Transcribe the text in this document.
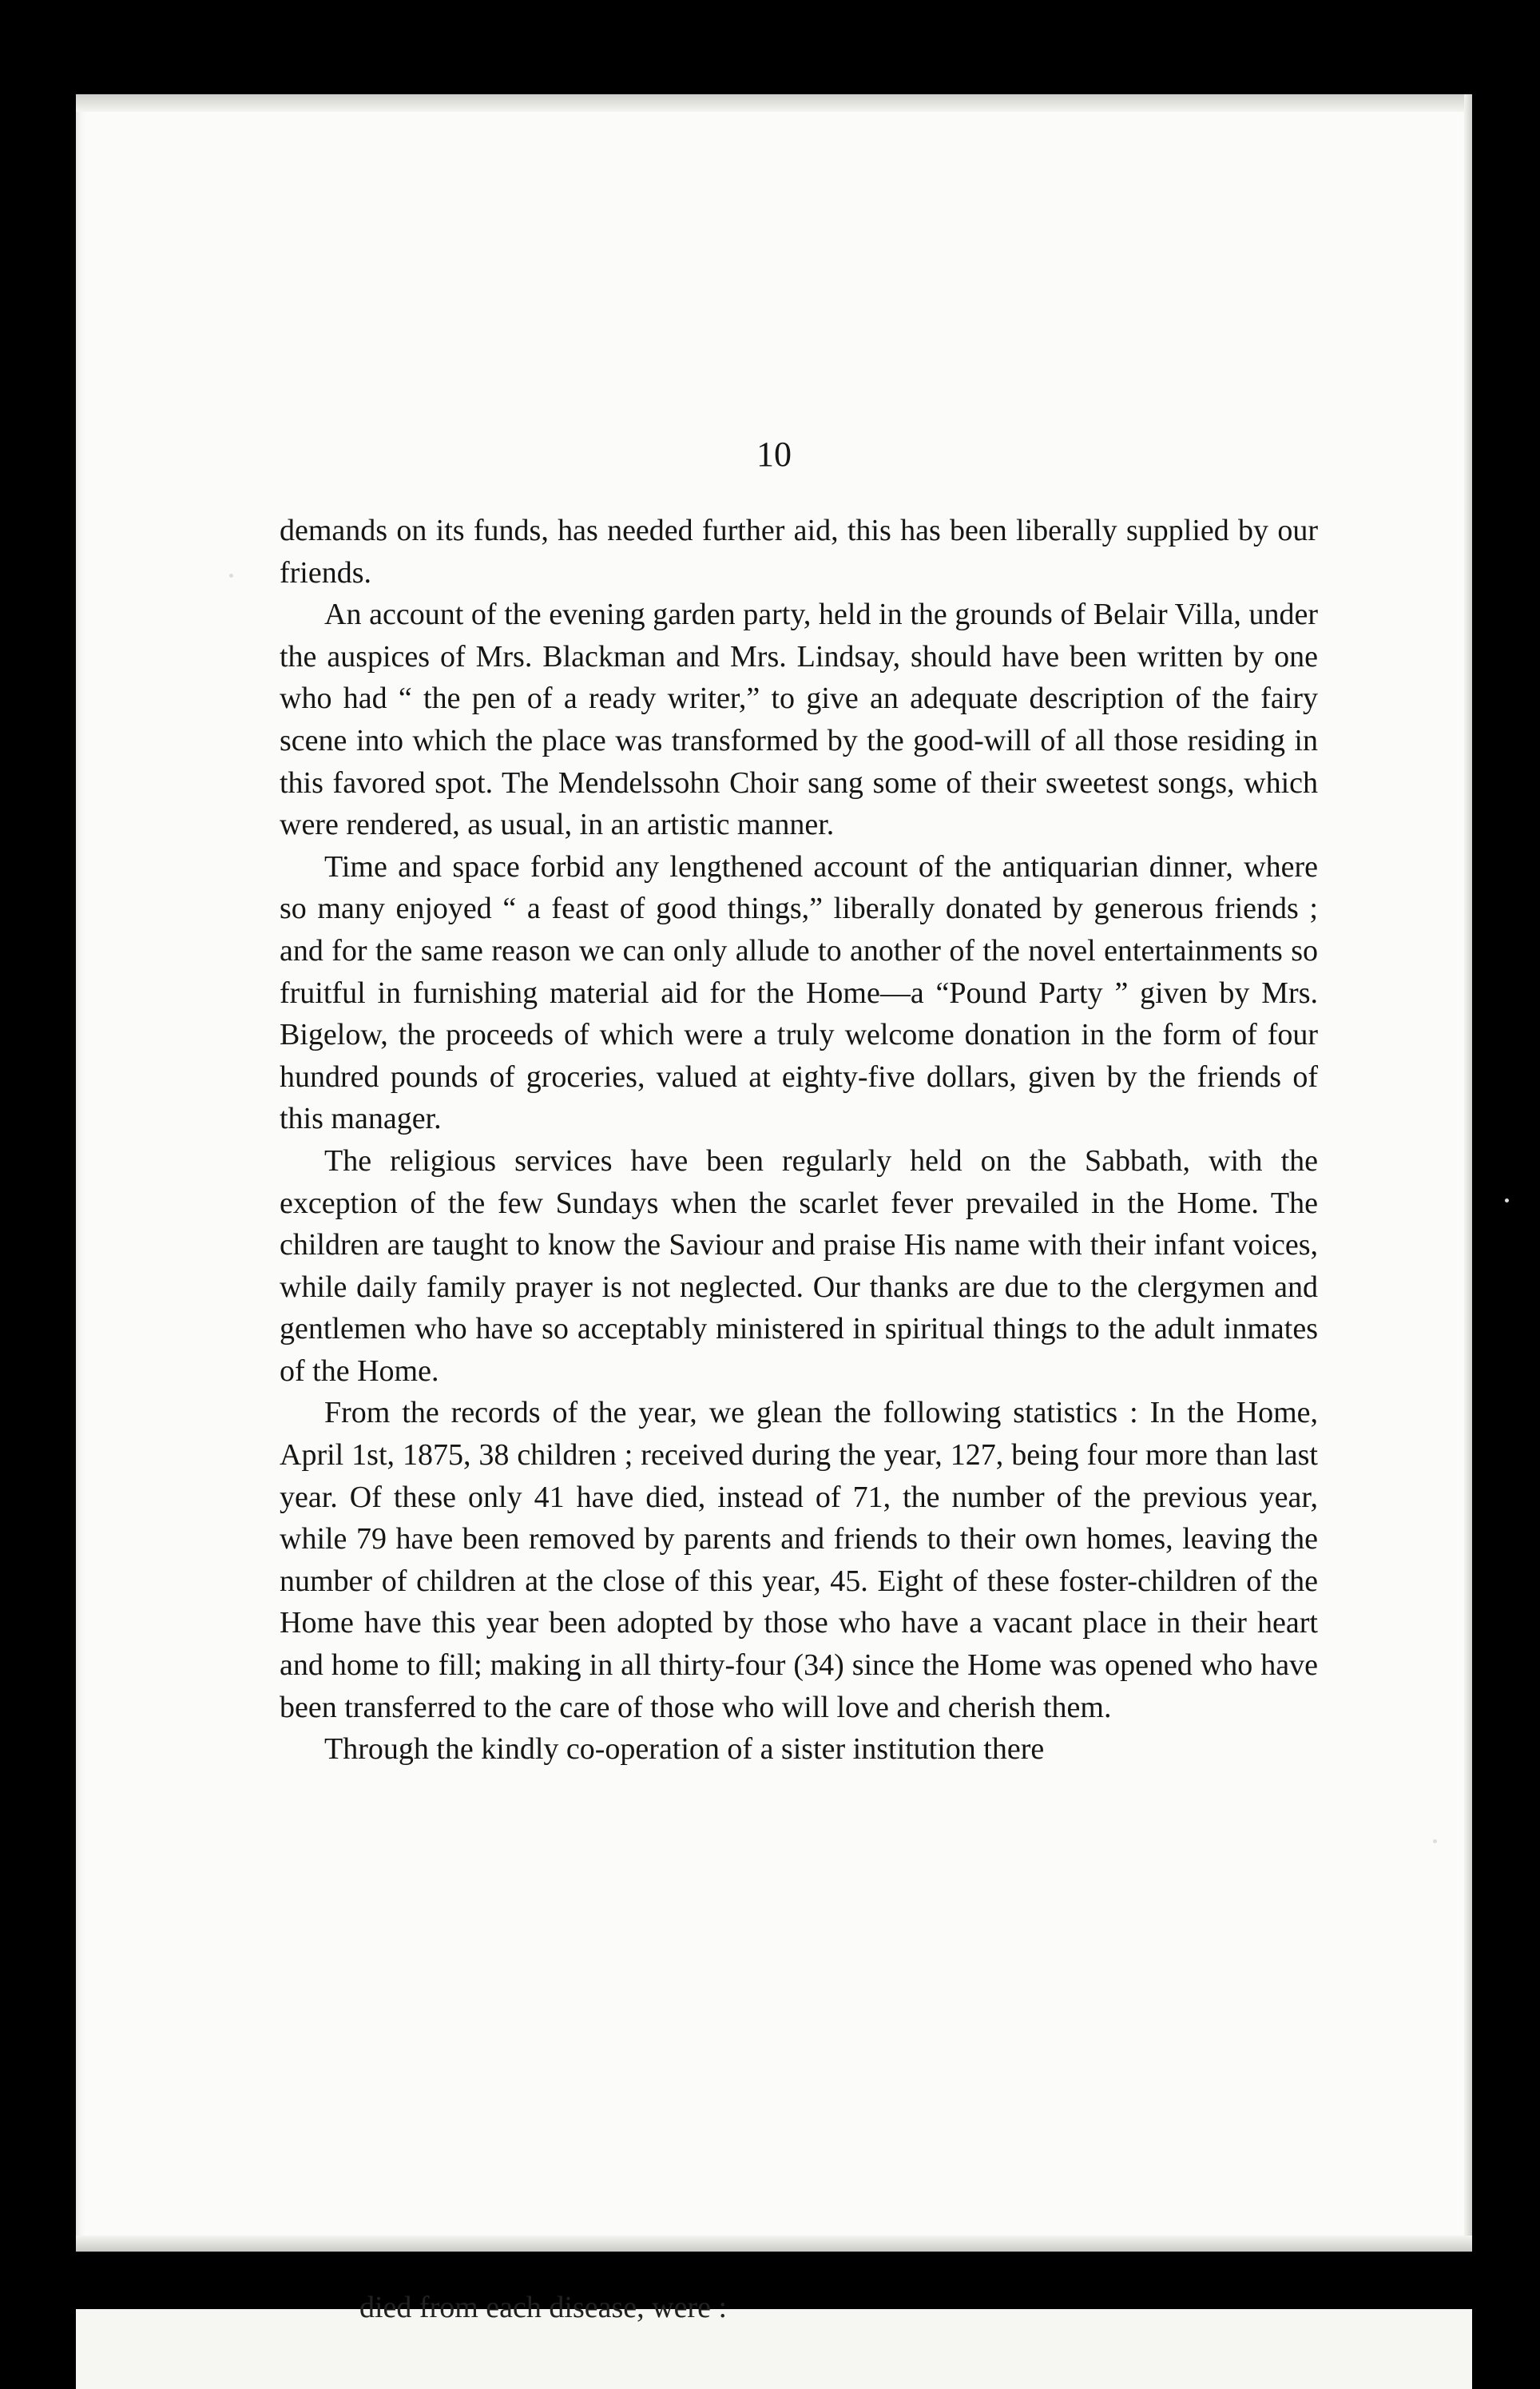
10

demands on its funds, has needed further aid, this has been liberally supplied by our friends.

An account of the evening garden party, held in the grounds of Belair Villa, under the auspices of Mrs. Blackman and Mrs. Lindsay, should have been written by one who had “ the pen of a ready writer,” to give an adequate description of the fairy scene into which the place was transformed by the good-will of all those residing in this favored spot. The Mendelssohn Choir sang some of their sweetest songs, which were rendered, as usual, in an artistic manner.

Time and space forbid any lengthened account of the antiquarian dinner, where so many enjoyed “ a feast of good things,” liberally donated by generous friends ; and for the same reason we can only allude to another of the novel entertainments so fruitful in furnishing material aid for the Home—a “Pound Party ” given by Mrs. Bigelow, the proceeds of which were a truly welcome donation in the form of four hundred pounds of groceries, valued at eighty-five dollars, given by the friends of this manager.

The religious services have been regularly held on the Sabbath, with the exception of the few Sundays when the scarlet fever prevailed in the Home. The children are taught to know the Saviour and praise His name with their infant voices, while daily family prayer is not neglected. Our thanks are due to the clergymen and gentlemen who have so acceptably ministered in spiritual things to the adult inmates of the Home.

From the records of the year, we glean the following statistics : In the Home, April 1st, 1875, 38 children ; received during the year, 127, being four more than last year. Of these only 41 have died, instead of 71, the number of the previous year, while 79 have been removed by parents and friends to their own homes, leaving the number of children at the close of this year, 45. Eight of these foster-children of the Home have this year been adopted by those who have a vacant place in their heart and home to fill; making in all thirty-four (34) since the Home was opened who have been transferred to the care of those who will love and cherish them.

Through the kindly co-operation of a sister institution there

died from each disease, were :
